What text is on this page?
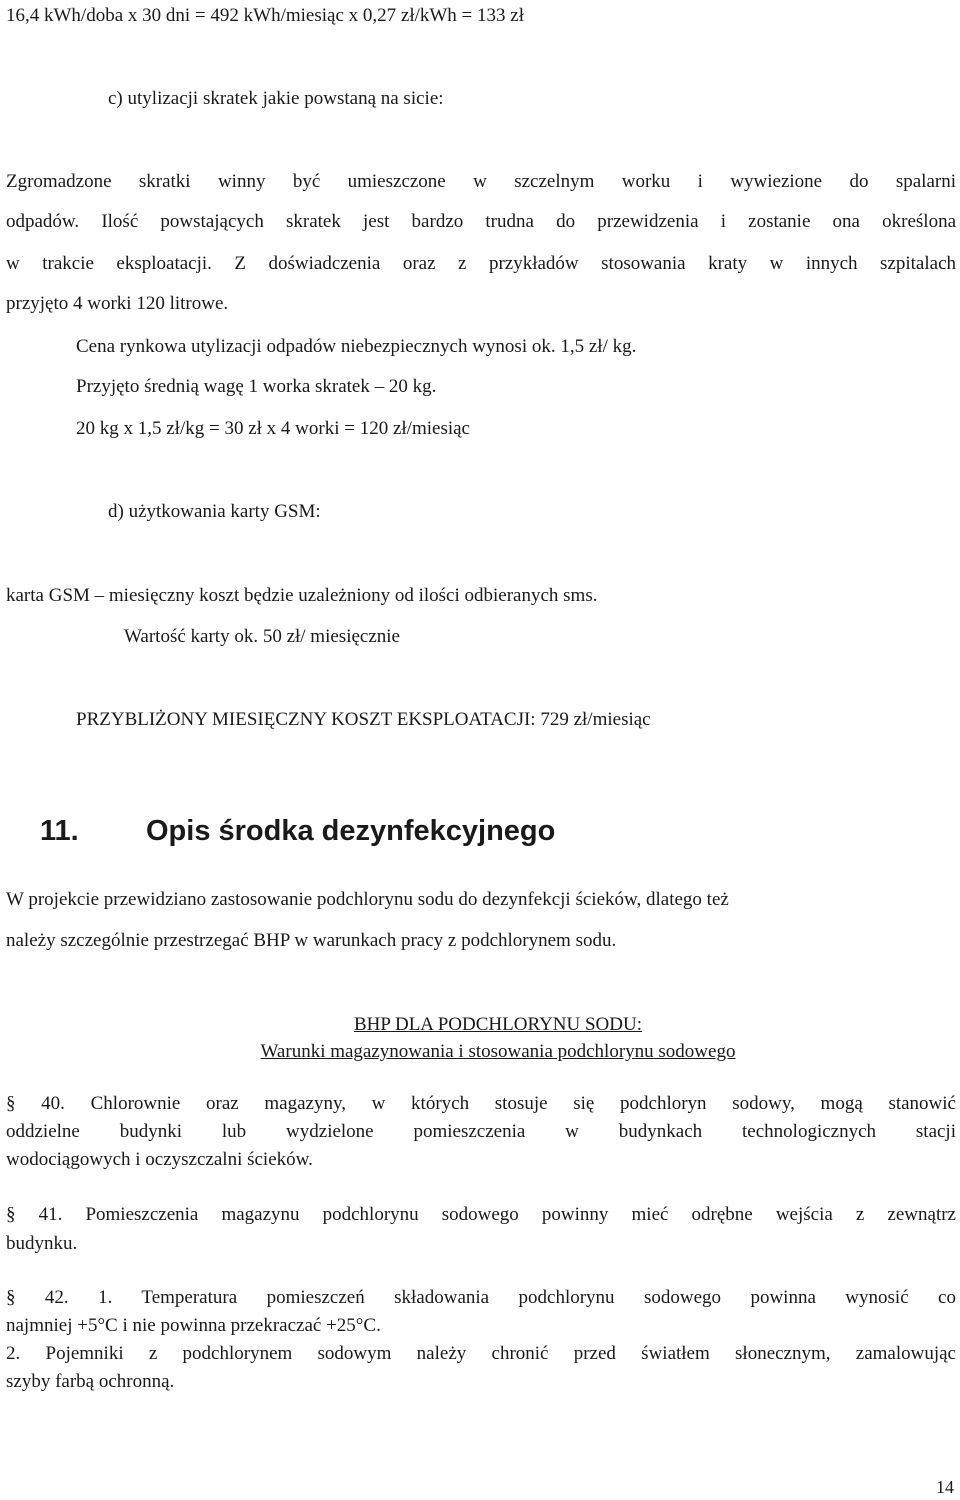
16,4 kWh/doba x 30 dni = 492 kWh/miesiąc x 0,27 zł/kWh = 133 zł
c) utylizacji skratek jakie powstaną na sicie:
Zgromadzone skratki winny być umieszczone w szczelnym worku i wywiezione do spalarni
odpadów. Ilość powstających skratek jest bardzo trudna do przewidzenia i zostanie ona określona
w trakcie eksploatacji. Z doświadczenia oraz z przykładów stosowania kraty w innych szpitalach
przyjęto 4 worki 120 litrowe.
Cena rynkowa utylizacji odpadów niebezpiecznych wynosi ok. 1,5 zł/ kg.
Przyjęto średnią wagę 1 worka skratek – 20 kg.
20 kg x 1,5 zł/kg = 30 zł x 4 worki = 120 zł/miesiąc
d) użytkowania karty GSM:
karta GSM – miesięczny koszt będzie uzależniony od ilości odbieranych sms.
Wartość karty ok. 50 zł/ miesięcznie
PRZYBLIŻONY MIESIĘCZNY KOSZT EKSPLOATACJI: 729 zł/miesiąc
11. Opis środka dezynfekcyjnego
W projekcie przewidziano zastosowanie podchlorynu sodu do dezynfekcji ścieków, dlatego też
należy szczególnie przestrzegać BHP w warunkach pracy z podchlorynem sodu.
BHP DLA PODCHLORYNU SODU:
Warunki magazynowania i stosowania podchlorynu sodowego
§ 40. Chlorownie oraz magazyny, w których stosuje się podchloryn sodowy, mogą stanowić
oddzielne budynki lub wydzielone pomieszczenia w budynkach technologicznych stacji
wodociągowych i oczyszczalni ścieków.
§ 41. Pomieszczenia magazynu podchlorynu sodowego powinny mieć odrębne wejścia z zewnątrz
budynku.
§ 42. 1. Temperatura pomieszczeń składowania podchlorynu sodowego powinna wynosić co
najmniej +5°C i nie powinna przekraczać +25°C.
2. Pojemniki z podchlorynem sodowym należy chronić przed światłem słonecznym, zamalowując
szyby farbą ochronną.
14
